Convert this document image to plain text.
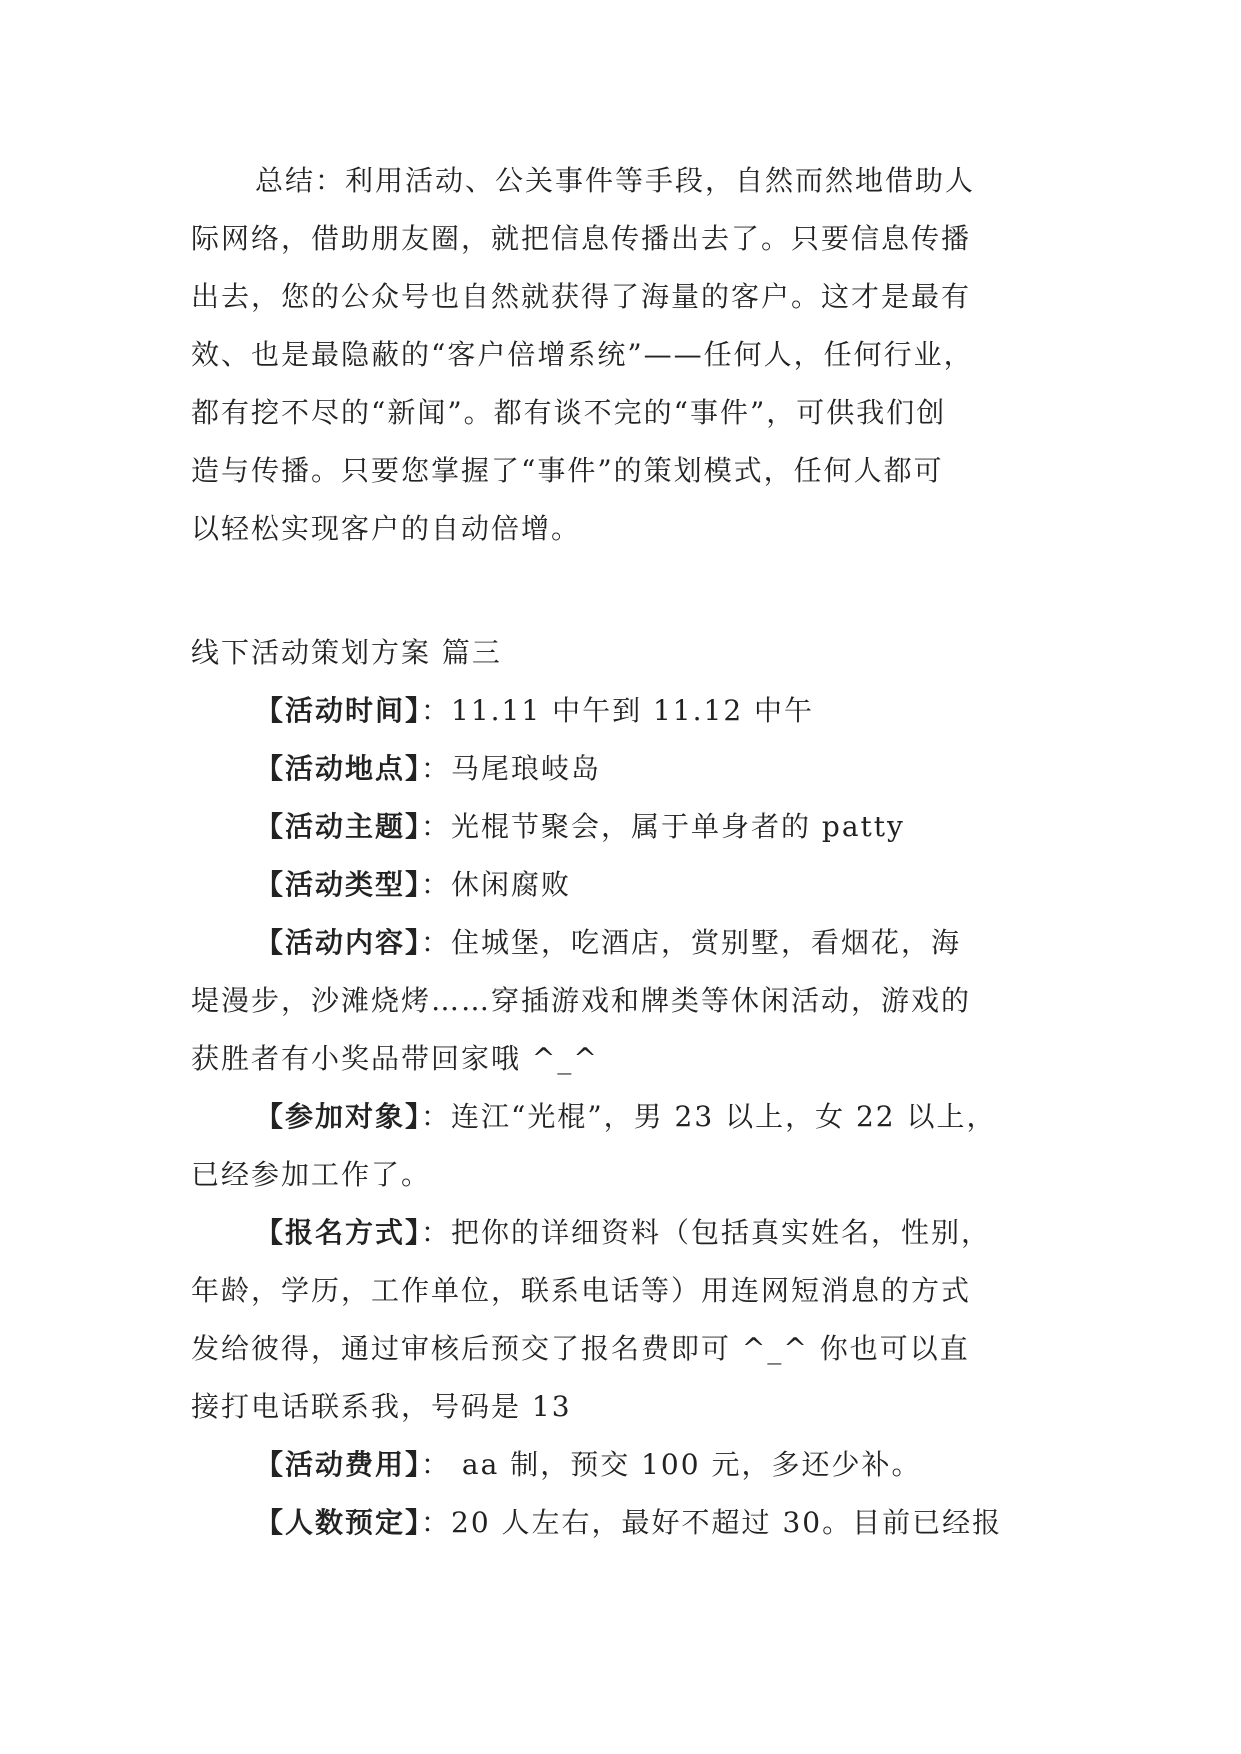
总结：利用活动、公关事件等手段，自然而然地借助人
际网络，借助朋友圈，就把信息传播出去了。只要信息传播
出去，您的公众号也自然就获得了海量的客户。这才是最有
效、也是最隐蔽的“客户倍增系统”——任何人，任何行业，
都有挖不尽的“新闻”。都有谈不完的“事件”，可供我们创
造与传播。只要您掌握了“事件”的策划模式，任何人都可
以轻松实现客户的自动倍增。
线下活动策划方案 篇三
【活动时间】：11.11 中午到 11.12 中午
【活动地点】：马尾琅岐岛
【活动主题】：光棍节聚会，属于单身者的 patty
【活动类型】：休闲腐败
【活动内容】：住城堡，吃酒店，赏别墅，看烟花，海
堤漫步，沙滩烧烤……穿插游戏和牌类等休闲活动，游戏的
获胜者有小奖品带回家哦 ^_^
【参加对象】：连江“光棍”，男 23 以上，女 22 以上，
已经参加工作了。
【报名方式】：把你的详细资料（包括真实姓名，性别，
年龄，学历，工作单位，联系电话等）用连网短消息的方式
发给彼得，通过审核后预交了报名费即可 ^_^ 你也可以直
接打电话联系我，号码是 13
【活动费用】： aa 制，预交 100 元，多还少补。
【人数预定】：20 人左右，最好不超过 30。目前已经报
